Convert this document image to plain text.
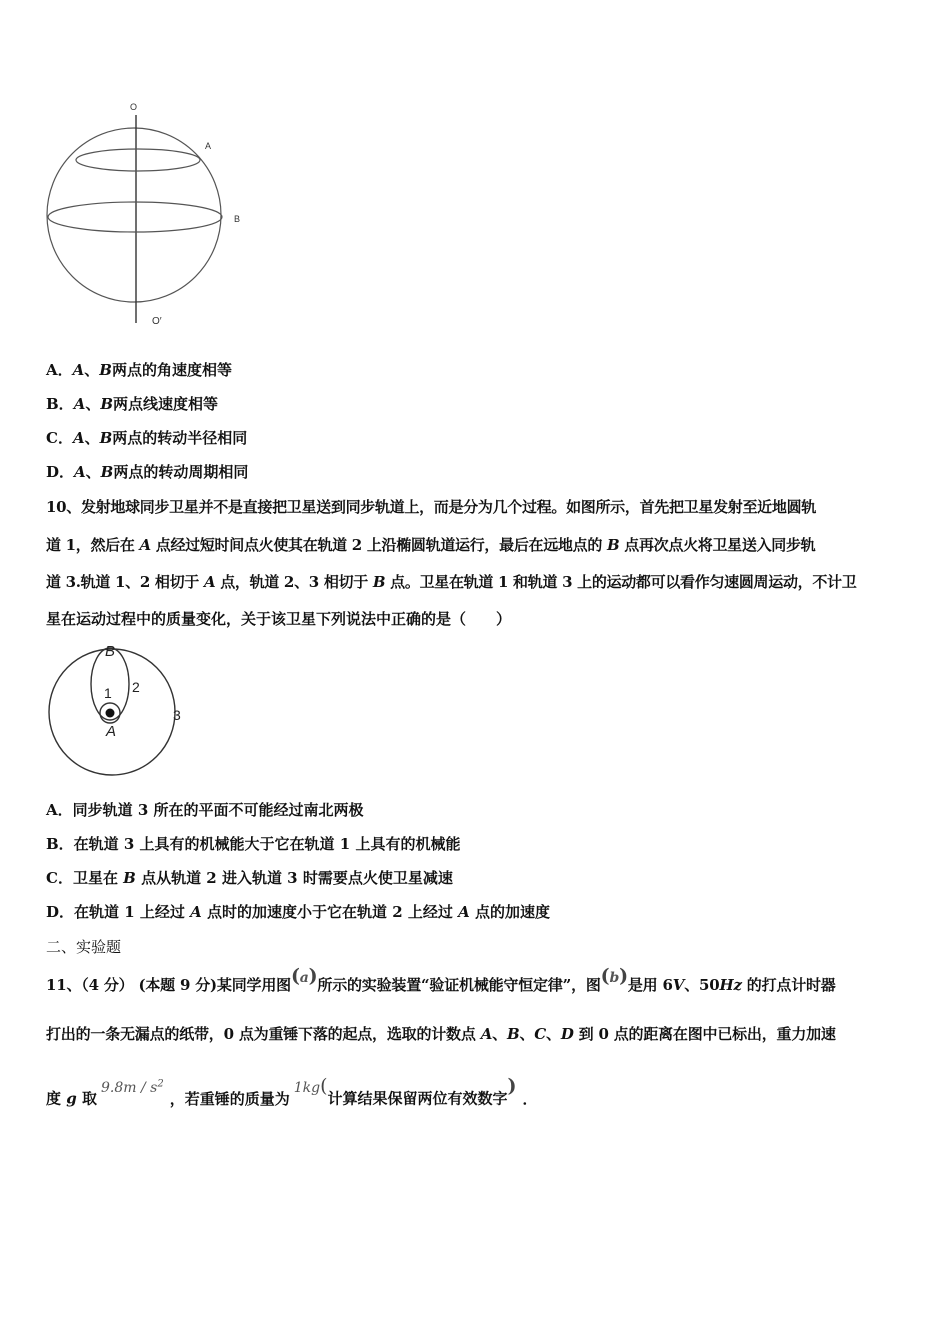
O
A
B
O′
A．A、B两点的角速度相等
B．A、B两点线速度相等
C．A、B两点的转动半径相同
D．A、B两点的转动周期相同
10、发射地球同步卫星并不是直接把卫星送到同步轨道上，而是分为几个过程。如图所示，首先把卫星发射至近地圆轨
道 1，然后在 A 点经过短时间点火使其在轨道 2 上沿椭圆轨道运行，最后在远地点的 B 点再次点火将卫星送入同步轨
道 3.轨道 1、2 相切于 A 点，轨道 2、3 相切于 B 点。卫星在轨道 1 和轨道 3 上的运动都可以看作匀速圆周运动，不计卫
星在运动过程中的质量变化，关于该卫星下列说法中正确的是（　　）
B
A
1 2
3
A．同步轨道 3 所在的平面不可能经过南北两极
B．在轨道 3 上具有的机械能大于它在轨道 1 上具有的机械能
C．卫星在 B 点从轨道 2 进入轨道 3 时需要点火使卫星减速
D．在轨道 1 上经过 A 点时的加速度小于它在轨道 2 上经过 A 点的加速度
二、实验题
11、（4 分） (本题 9 分)某同学用图(a)所示的实验装置“验证机械能守恒定律”，图(b)是用 6V、50Hz 的打点计时器
打出的一条无漏点的纸带，0 点为重锤下落的起点，选取的计数点 A、B、C、D 到 0 点的距离在图中已标出，重力加速
度 g 取$9.8m / s^2$，若重锤的质量为1kg(计算结果保留两位有效数字)．
